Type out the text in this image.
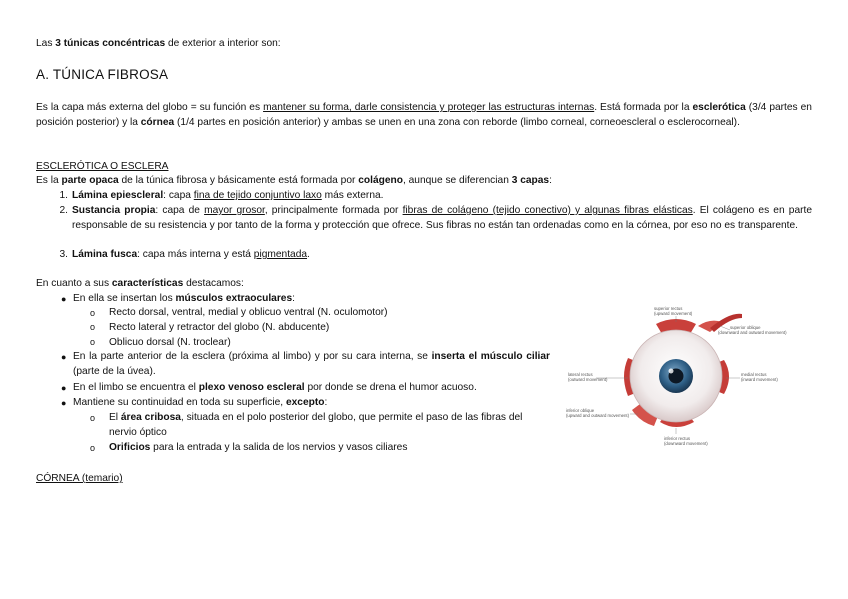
Las 3 túnicas concéntricas de exterior a interior son:
A. TÚNICA FIBROSA
Es la capa más externa del globo = su función es mantener su forma, darle consistencia y proteger las estructuras internas. Está formada por la esclerótica (3/4 partes en posición posterior) y la córnea (1/4 partes en posición anterior) y ambas se unen en una zona con reborde (limbo corneal, corneoescleral o esclerocorneal).
ESCLERÓTICA O ESCLERA
Es la parte opaca de la túnica fibrosa y básicamente está formada por colágeno, aunque se diferencian 3 capas:
1. Lámina epiescleral: capa fina de tejido conjuntivo laxo más externa.
2. Sustancia propia: capa de mayor grosor, principalmente formada por fibras de colágeno (tejido conectivo) y algunas fibras elásticas. El colágeno es en parte responsable de su resistencia y por tanto de la forma y protección que ofrece. Sus fibras no están tan ordenadas como en la córnea, por eso no es transparente.
3. Lámina fusca: capa más interna y está pigmentada.
En cuanto a sus características destacamos:
● En ella se insertan los músculos extraoculares:
o Recto dorsal, ventral, medial y oblicuo ventral (N. oculomotor)
o Recto lateral y retractor del globo (N. abducente)
o Oblicuo dorsal (N. troclear)
● En la parte anterior de la esclera (próxima al limbo) y por su cara interna, se inserta el músculo ciliar (parte de la úvea).
● En el limbo se encuentra el plexo venoso escleral por donde se drena el humor acuoso.
● Mantiene su continuidad en toda su superficie, excepto:
o El área cribosa, situada en el polo posterior del globo, que permite el paso de las fibras del nervio óptico
o Orificios para la entrada y la salida de los nervios y vasos ciliares
CÓRNEA (temario)
superior rectus
(upward movement)
superior oblique
(downward and outward movement)
lateral rectus
(outward movement)
medial rectus
(inward movement)
inferior oblique
(upward and outward movement)
inferior rectus
(downward movement)
